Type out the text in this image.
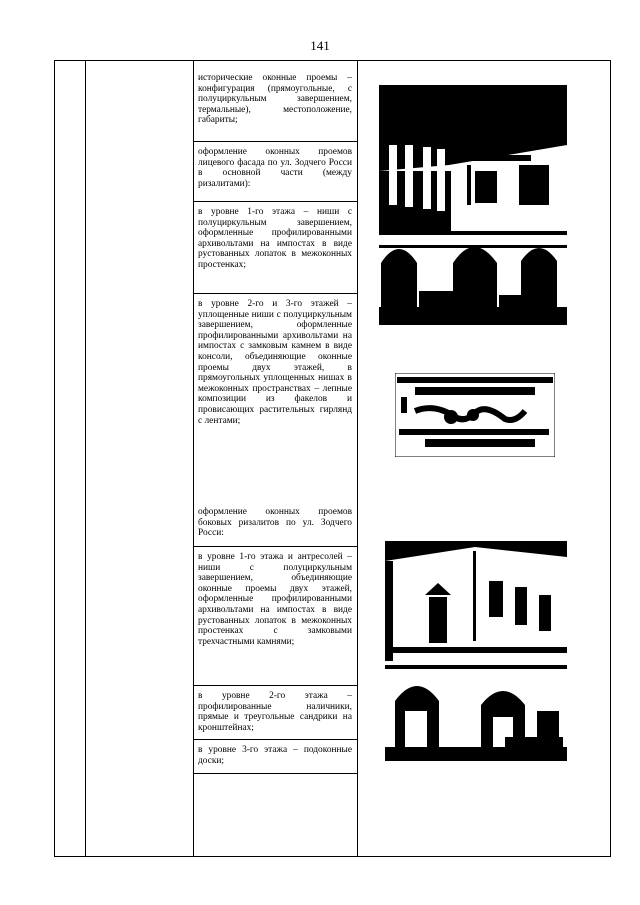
141

исторические оконные проемы – конфигурация (прямоугольные, с полуциркульным завершением, термальные), местоположение, габариты;

оформление оконных проемов лицевого фасада по ул. Зодчего Росси в основной части (между ризалитами):

в уровне 1-го этажа – ниши с полуциркульным завершением, оформленные профилированными архивольтами на импостах в виде рустованных лопаток в межоконных простенках;

в уровне 2-го и 3-го этажей – уплощенные ниши с полуциркульным завершением, оформленные профилированными архивольтами на импостах с замковым камнем в виде консоли, объединяющие оконные проемы двух этажей, в прямоугольных уплощенных нишах в межоконных пространствах – лепные композиции из факелов и провисающих растительных гирлянд с лентами;

оформление оконных проемов боковых ризалитов по ул. Зодчего Росси:

в уровне 1-го этажа и антресолей – ниши с полуциркульным завершением, объединяющие оконные проемы двух этажей, оформленные профилированными архивольтами на импостах в виде рустованных лопаток в межоконных простенках с замковыми трехчастными камнями;

в уровне 2-го этажа – профилированные наличники, прямые и треугольные сандрики на кронштейнах;

в уровне 3-го этажа – подоконные доски;
